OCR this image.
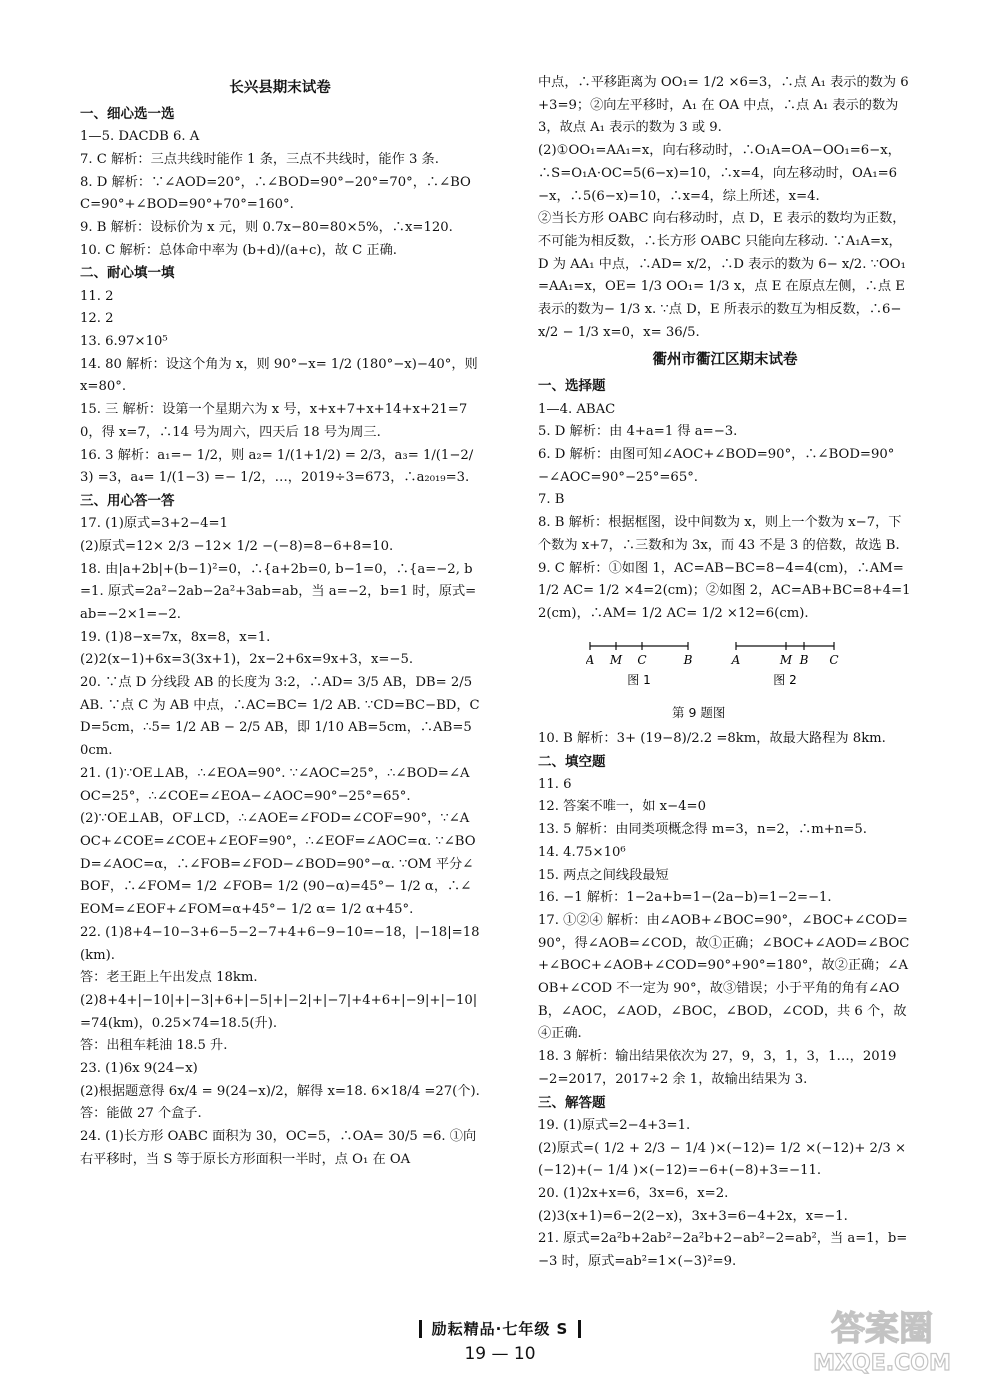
长兴县期末试卷
一、细心选一选
1—5. DACDB 6. A
7. C 解析：三点共线时能作 1 条，三点不共线时，能作 3 条.
8. D 解析：∵∠AOD=20°，∴∠BOD=90°−20°=70°，∴∠BOC=90°+∠BOD=90°+70°=160°.
9. B 解析：设标价为 x 元，则 0.7x−80=80×5%，∴x=120.
10. C 解析：总体命中率为 (b+d)/(a+c)，故 C 正确.
二、耐心填一填
11. 2
12. 2
13. 6.97×10⁵
14. 80 解析：设这个角为 x，则 90°−x= 1/2 (180°−x)−40°，则 x=80°.
15. 三 解析：设第一个星期六为 x 号，x+x+7+x+14+x+21=70，得 x=7，∴14 号为周六，四天后 18 号为周三.
16. 3 解析：a₁=− 1/2，则 a₂= 1/(1+1/2) = 2/3，a₃= 1/(1−2/3) =3，a₄= 1/(1−3) =− 1/2，…，2019÷3=673，∴a₂₀₁₉=3.
三、用心答一答
17. (1)原式=3+2−4=1
(2)原式=12× 2/3 −12× 1/2 −(−8)=8−6+8=10.
18. 由|a+2b|+(b−1)²=0，∴{a+2b=0, b−1=0，∴{a=−2, b=1. 原式=2a²−2ab−2a²+3ab=ab，当 a=−2，b=1 时，原式=ab=−2×1=−2.
19. (1)8−x=7x，8x=8，x=1.
(2)2(x−1)+6x=3(3x+1)，2x−2+6x=9x+3，x=−5.
20. ∵点 D 分线段 AB 的长度为 3:2，∴AD= 3/5 AB，DB= 2/5 AB. ∵点 C 为 AB 中点，∴AC=BC= 1/2 AB. ∵CD=BC−BD，CD=5cm，∴5= 1/2 AB − 2/5 AB，即 1/10 AB=5cm，∴AB=50cm.
21. (1)∵OE⊥AB，∴∠EOA=90°. ∵∠AOC=25°，∴∠BOD=∠AOC=25°，∴∠COE=∠EOA−∠AOC=90°−25°=65°.
(2)∵OE⊥AB，OF⊥CD，∴∠AOE=∠FOD=∠COF=90°，∵∠AOC+∠COE=∠COE+∠EOF=90°，∴∠EOF=∠AOC=α. ∵∠BOD=∠AOC=α，∴∠FOB=∠FOD−∠BOD=90°−α. ∵OM 平分∠BOF，∴∠FOM= 1/2 ∠FOB= 1/2 (90−α)=45°− 1/2 α，∴∠EOM=∠EOF+∠FOM=α+45°− 1/2 α= 1/2 α+45°.
22. (1)8+4−10−3+6−5−2−7+4+6−9−10=−18，|−18|=18(km).
答：老王距上午出发点 18km.
(2)8+4+|−10|+|−3|+6+|−5|+|−2|+|−7|+4+6+|−9|+|−10|=74(km)，0.25×74=18.5(升).
答：出租车耗油 18.5 升.
23. (1)6x 9(24−x)
(2)根据题意得 6x/4 = 9(24−x)/2，解得 x=18. 6×18/4 =27(个).
答：能做 27 个盒子.
24. (1)长方形 OABC 面积为 30，OC=5，∴OA= 30/5 =6. ①向右平移时，当 S 等于原长方形面积一半时，点 O₁ 在 OA
中点，∴平移距离为 OO₁= 1/2 ×6=3，∴点 A₁ 表示的数为 6+3=9；②向左平移时，A₁ 在 OA 中点，∴点 A₁ 表示的数为 3，故点 A₁ 表示的数为 3 或 9.
(2)①OO₁=AA₁=x，向右移动时，∴O₁A=OA−OO₁=6−x，∴S=O₁A·OC=5(6−x)=10，∴x=4，向左移动时，OA₁=6−x，∴5(6−x)=10，∴x=4，综上所述，x=4.
②当长方形 OABC 向右移动时，点 D，E 表示的数均为正数，不可能为相反数，∴长方形 OABC 只能向左移动. ∵A₁A=x，D 为 AA₁ 中点，∴AD= x/2，∴D 表示的数为 6− x/2. ∵OO₁=AA₁=x，OE= 1/3 OO₁= 1/3 x，点 E 在原点左侧，∴点 E 表示的数为− 1/3 x. ∵点 D，E 所表示的数互为相反数，∴6− x/2 − 1/3 x=0，x= 36/5.
衢州市衢江区期末试卷
一、选择题
1—4. ABAC
5. D 解析：由 4+a=1 得 a=−3.
6. D 解析：由图可知∠AOC+∠BOD=90°，∴∠BOD=90°−∠AOC=90°−25°=65°.
7. B
8. B 解析：根据框图，设中间数为 x，则上一个数为 x−7，下个数为 x+7，∴三数和为 3x，而 43 不是 3 的倍数，故选 B.
9. C 解析：①如图 1，AC=AB−BC=8−4=4(cm)，∴AM= 1/2 AC= 1/2 ×4=2(cm)；②如图 2，AC=AB+BC=8+4=12(cm)，∴AM= 1/2 AC= 1/2 ×12=6(cm).
A M C	B	A	M B C
图 1	图 2
第 9 题图
10. B 解析：3+ (19−8)/2.2 =8km，故最大路程为 8km.
二、填空题
11. 6
12. 答案不唯一，如 x−4=0
13. 5 解析：由同类项概念得 m=3，n=2，∴m+n=5.
14. 4.75×10⁶
15. 两点之间线段最短
16. −1 解析：1−2a+b=1−(2a−b)=1−2=−1.
17. ①②④ 解析：由∠AOB+∠BOC=90°，∠BOC+∠COD=90°，得∠AOB=∠COD，故①正确；∠BOC+∠AOD=∠BOC+∠BOC+∠AOB+∠COD=90°+90°=180°，故②正确；∠AOB+∠COD 不一定为 90°，故③错误；小于平角的角有∠AOB，∠AOC，∠AOD，∠BOC，∠BOD，∠COD，共 6 个，故④正确.
18. 3 解析：输出结果依次为 27，9，3，1，3，1…，2019−2=2017，2017÷2 余 1，故输出结果为 3.
三、解答题
19. (1)原式=2−4+3=1.
(2)原式=( 1/2 + 2/3 − 1/4 )×(−12)= 1/2 ×(−12)+ 2/3 ×(−12)+(− 1/4 )×(−12)=−6+(−8)+3=−11.
20. (1)2x+x=6，3x=6，x=2.
(2)3(x+1)=6−2(2−x)，3x+3=6−4+2x，x=−1.
21. 原式=2a²b+2ab²−2a²b+2−ab²−2=ab²，当 a=1，b=−3 时，原式=ab²=1×(−3)²=9.
励耘精品·七年级 S
19 — 10
答案圈
MXQE.COM
